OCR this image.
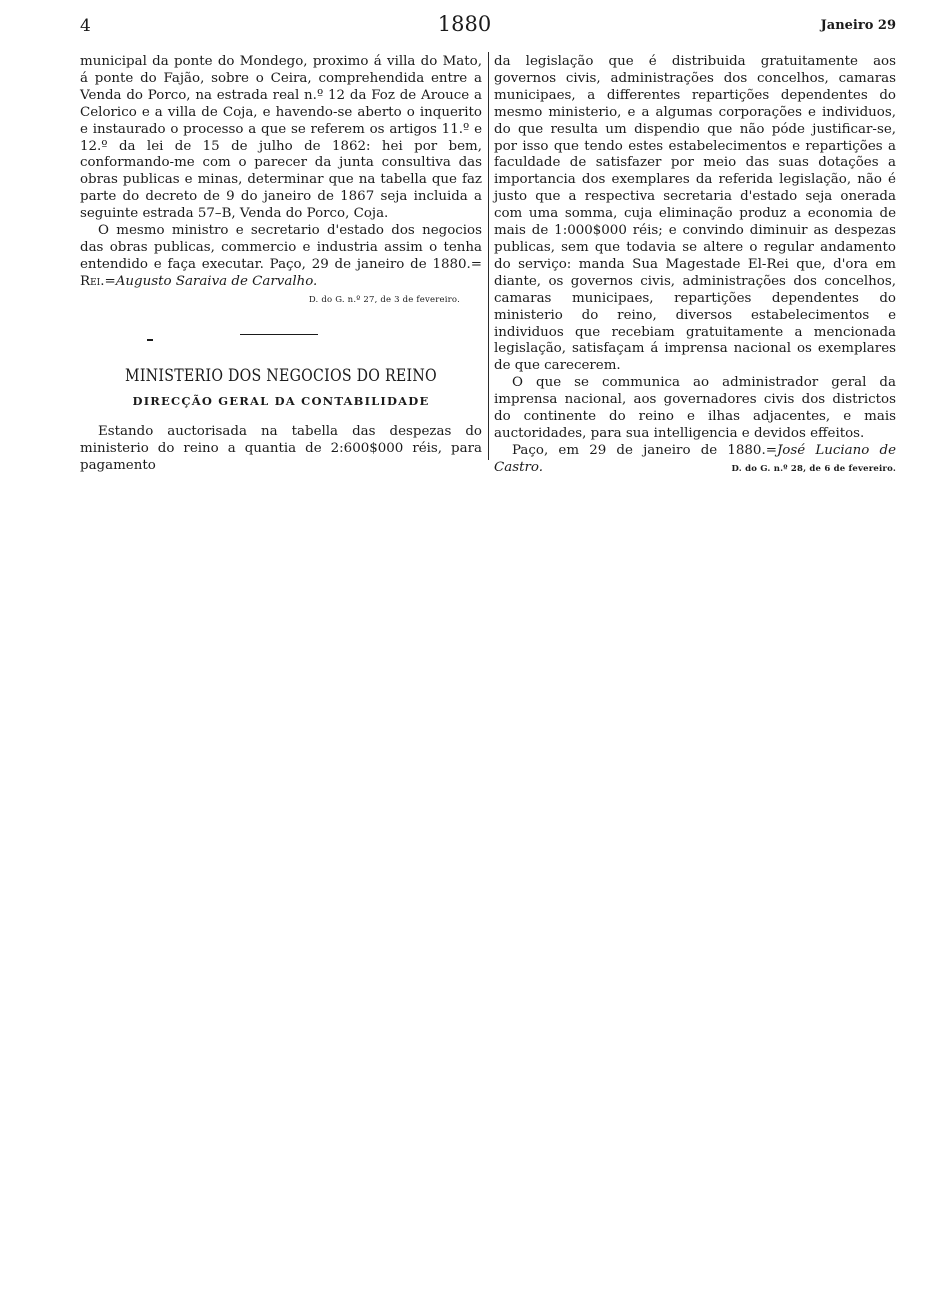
4	1880	Janeiro 29

municipal da ponte do Mondego, proximo á villa do Mato, á ponte do Fajão, sobre o Ceira, comprehendida entre a Venda do Porco, na estrada real n.º 12 da Foz de Arouce a Celorico e a villa de Coja, e havendo-se aberto o inquerito e instaurado o processo a que se referem os artigos 11.º e 12.º da lei de 15 de julho de 1862: hei por bem, conformando-me com o parecer da junta consultiva das obras publicas e minas, determinar que na tabella que faz parte do decreto de 9 do janeiro de 1867 seja incluida a seguinte estrada 57–B, Venda do Porco, Coja.

O mesmo ministro e secretario d'estado dos negocios das obras publicas, commercio e industria assim o tenha entendido e faça executar. Paço, 29 de janeiro de 1880.= Rei.=Augusto Saraiva de Carvalho.

D. do G. n.º 27, de 3 de fevereiro.
MINISTERIO DOS NEGOCIOS DO REINO
DIRECÇÃO GERAL DA CONTABILIDADE

Estando auctorisada na tabella das despezas do ministerio do reino a quantia de 2:600$000 réis, para pagamento

da legislação que é distribuida gratuitamente aos governos civis, administrações dos concelhos, camaras municipaes, a differentes repartições dependentes do mesmo ministerio, e a algumas corporações e individuos, do que resulta um dispendio que não póde justificar-se, por isso que tendo estes estabelecimentos e repartições a faculdade de satisfazer por meio das suas dotações a importancia dos exemplares da referida legislação, não é justo que a respectiva secretaria d'estado seja onerada com uma somma, cuja eliminação produz a economia de mais de 1:000$000 réis; e convindo diminuir as despezas publicas, sem que todavia se altere o regular andamento do serviço: manda Sua Magestade El-Rei que, d'ora em diante, os governos civis, administrações dos concelhos, camaras municipaes, repartições dependentes do ministerio do reino, diversos estabelecimentos e individuos que recebiam gratuitamente a mencionada legislação, satisfaçam á imprensa nacional os exemplares de que carecerem.

O que se communica ao administrador geral da imprensa nacional, aos governadores civis dos districtos do continente do reino e ilhas adjacentes, e mais auctoridades, para sua intelligencia e devidos effeitos.

Paço, em 29 de janeiro de 1880.=José Luciano de Castro.	D. do G. n.º 28, de 6 de fevereiro.
